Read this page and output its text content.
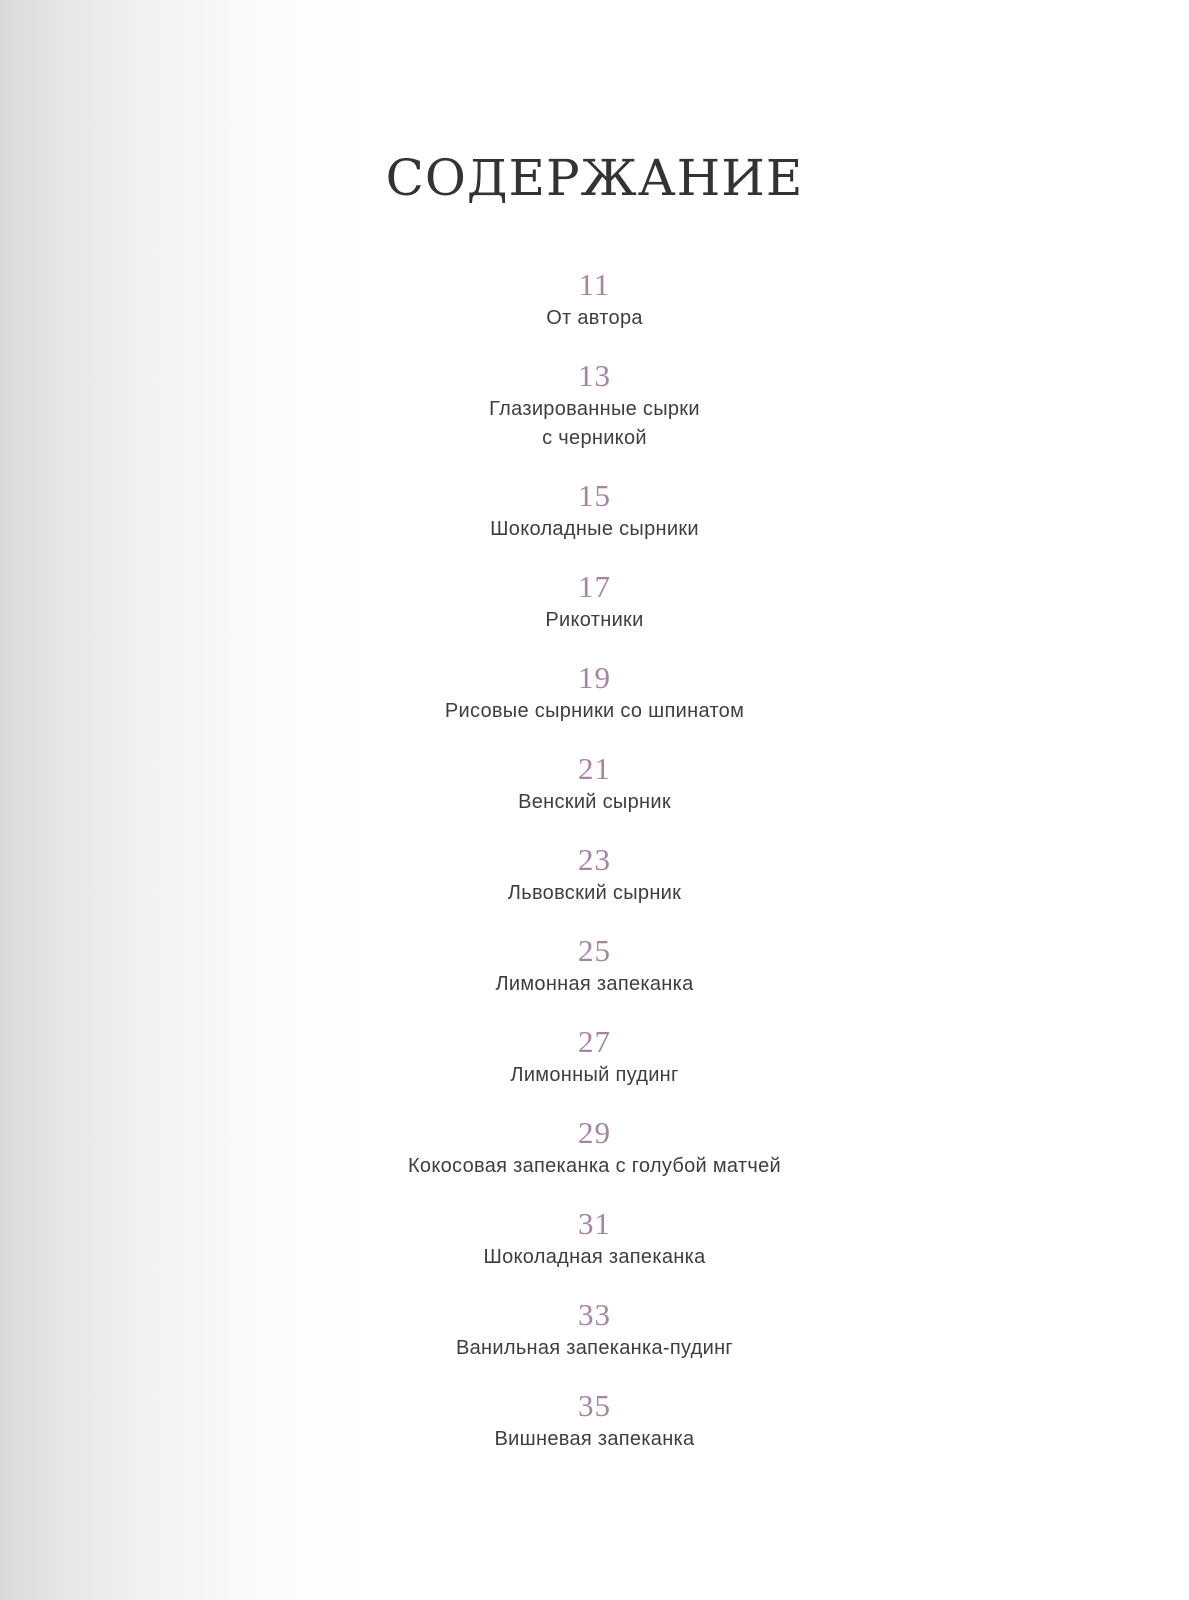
СОДЕРЖАНИЕ
11
От автора
13
Глазированные сырки
с черникой
15
Шоколадные сырники
17
Рикотники
19
Рисовые сырники со шпинатом
21
Венский сырник
23
Львовский сырник
25
Лимонная запеканка
27
Лимонный пудинг
29
Кокосовая запеканка с голубой матчей
31
Шоколадная запеканка
33
Ванильная запеканка-пудинг
35
Вишневая запеканка
